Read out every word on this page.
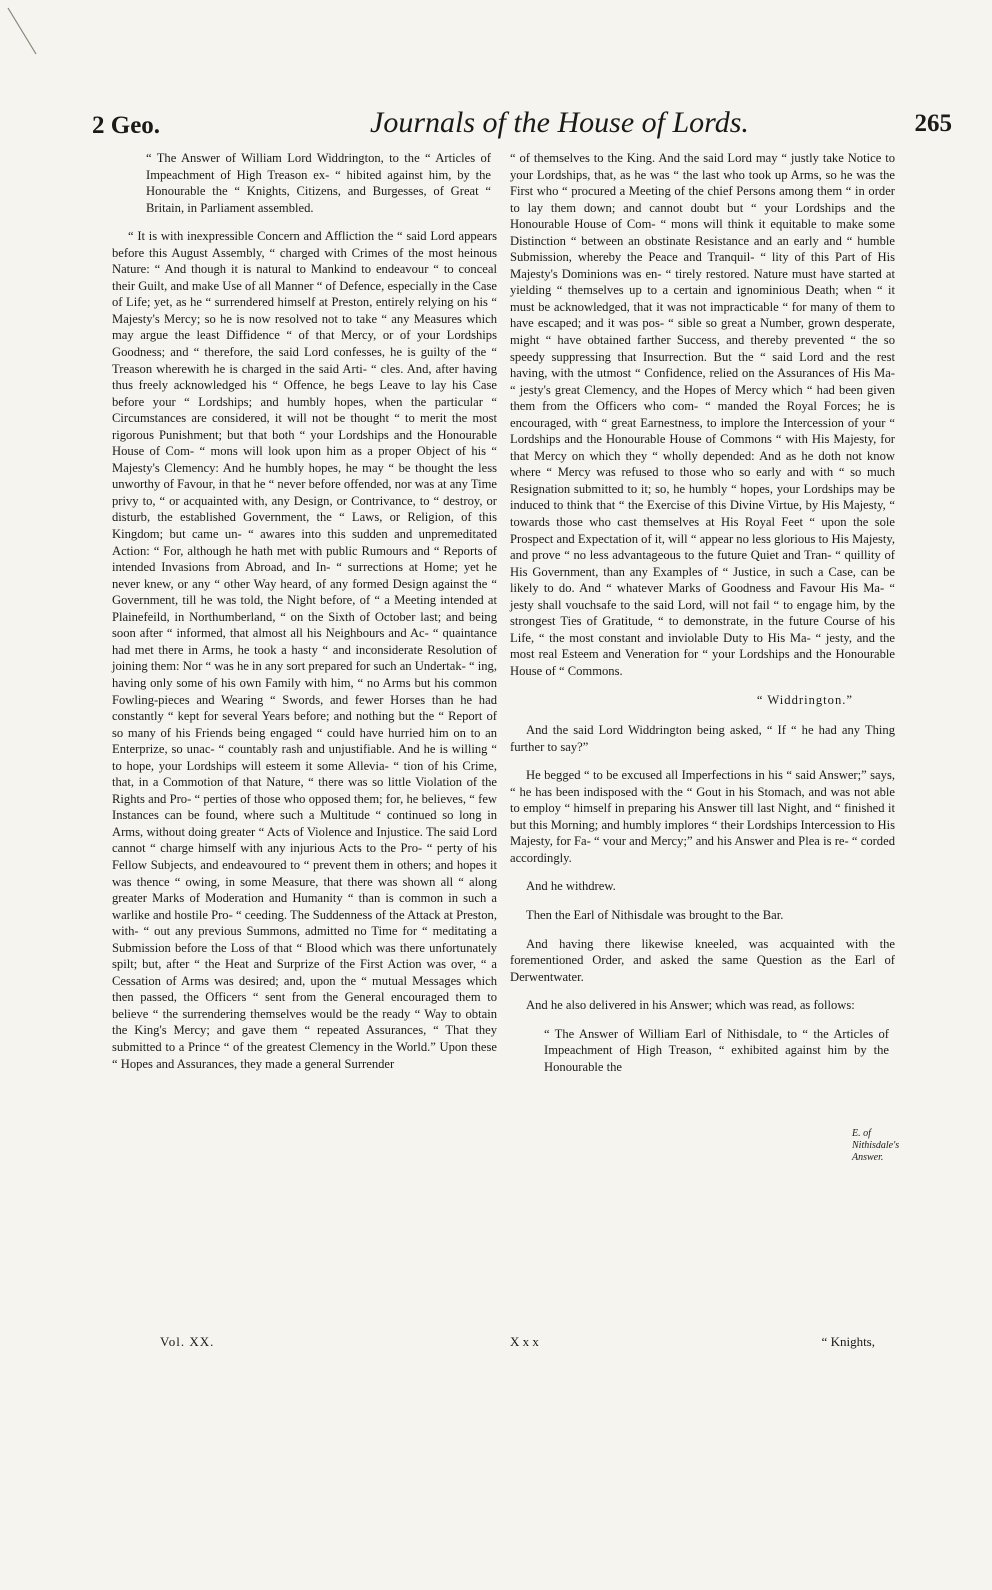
2 Geo.	Journals of the House of Lords.	265
“ The Answer of William Lord Widdrington, to the “ Articles of Impeachment of High Treason ex- “ hibited against him, by the Honourable the “ Knights, Citizens, and Burgesses, of Great “ Britain, in Parliament assembled.
“ It is with inexpressible Concern and Affliction the “ said Lord appears before this August Assembly, “ charged with Crimes of the most heinous Nature: “ And though it is natural to Mankind to endeavour “ to conceal their Guilt, and make Use of all Manner “ of Defence, especially in the Case of Life; yet, as he “ surrendered himself at Preston, entirely relying on his “ Majesty's Mercy; so he is now resolved not to take “ any Measures which may argue the least Diffidence “ of that Mercy, or of your Lordships Goodness; and “ therefore, the said Lord confesses, he is guilty of the “ Treason wherewith he is charged in the said Arti- “ cles. And, after having thus freely acknowledged his “ Offence, he begs Leave to lay his Case before your “ Lordships; and humbly hopes, when the particular “ Circumstances are considered, it will not be thought “ to merit the most rigorous Punishment; but that both “ your Lordships and the Honourable House of Com- “ mons will look upon him as a proper Object of his “ Majesty's Clemency: And he humbly hopes, he may “ be thought the less unworthy of Favour, in that he “ never before offended, nor was at any Time privy to, “ or acquainted with, any Design, or Contrivance, to “ destroy, or disturb, the established Government, the “ Laws, or Religion, of this Kingdom; but came un- “ awares into this sudden and unpremeditated Action: “ For, although he hath met with public Rumours and “ Reports of intended Invasions from Abroad, and In- “ surrections at Home; yet he never knew, or any “ other Way heard, of any formed Design against the “ Government, till he was told, the Night before, of “ a Meeting intended at Plainefeild, in Northumberland, “ on the Sixth of October last; and being soon after “ informed, that almost all his Neighbours and Ac- “ quaintance had met there in Arms, he took a hasty “ and inconsiderate Resolution of joining them: Nor “ was he in any sort prepared for such an Undertak- “ ing, having only some of his own Family with him, “ no Arms but his common Fowling-pieces and Wearing “ Swords, and fewer Horses than he had constantly “ kept for several Years before; and nothing but the “ Report of so many of his Friends being engaged “ could have hurried him on to an Enterprize, so unac- “ countably rash and unjustifiable. And he is willing “ to hope, your Lordships will esteem it some Allevia- “ tion of his Crime, that, in a Commotion of that Nature, “ there was so little Violation of the Rights and Pro- “ perties of those who opposed them; for, he believes, “ few Instances can be found, where such a Multitude “ continued so long in Arms, without doing greater “ Acts of Violence and Injustice. The said Lord cannot “ charge himself with any injurious Acts to the Pro- “ perty of his Fellow Subjects, and endeavoured to “ prevent them in others; and hopes it was thence “ owing, in some Measure, that there was shown all “ along greater Marks of Moderation and Humanity “ than is common in such a warlike and hostile Pro- “ ceeding. The Suddenness of the Attack at Preston, with- “ out any previous Summons, admitted no Time for “ meditating a Submission before the Loss of that “ Blood which was there unfortunately spilt; but, after “ the Heat and Surprize of the First Action was over, “ a Cessation of Arms was desired; and, upon the “ mutual Messages which then passed, the Officers “ sent from the General encouraged them to believe “ the surrendering themselves would be the ready “ Way to obtain the King's Mercy; and gave them “ repeated Assurances, “ That they submitted to a Prince “ of the greatest Clemency in the World.” Upon these “ Hopes and Assurances, they made a general Surrender
“ of themselves to the King. And the said Lord may “ justly take Notice to your Lordships, that, as he was “ the last who took up Arms, so he was the First who “ procured a Meeting of the chief Persons among them “ in order to lay them down; and cannot doubt but “ your Lordships and the Honourable House of Com- “ mons will think it equitable to make some Distinction “ between an obstinate Resistance and an early and “ humble Submission, whereby the Peace and Tranquil- “ lity of this Part of His Majesty's Dominions was en- “ tirely restored. Nature must have started at yielding “ themselves up to a certain and ignominious Death; when “ it must be acknowledged, that it was not impracticable “ for many of them to have escaped; and it was pos- “ sible so great a Number, grown desperate, might “ have obtained farther Success, and thereby prevented “ the so speedy suppressing that Insurrection. But the “ said Lord and the rest having, with the utmost “ Confidence, relied on the Assurances of His Ma- “ jesty's great Clemency, and the Hopes of Mercy which “ had been given them from the Officers who com- “ manded the Royal Forces; he is encouraged, with “ great Earnestness, to implore the Intercession of your “ Lordships and the Honourable House of Commons “ with His Majesty, for that Mercy on which they “ wholly depended: And as he doth not know where “ Mercy was refused to those who so early and with “ so much Resignation submitted to it; so, he humbly “ hopes, your Lordships may be induced to think that “ the Exercise of this Divine Virtue, by His Majesty, “ towards those who cast themselves at His Royal Feet “ upon the sole Prospect and Expectation of it, will “ appear no less glorious to His Majesty, and prove “ no less advantageous to the future Quiet and Tran- “ quillity of His Government, than any Examples of “ Justice, in such a Case, can be likely to do. And “ whatever Marks of Goodness and Favour His Ma- “ jesty shall vouchsafe to the said Lord, will not fail “ to engage him, by the strongest Ties of Gratitude, “ to demonstrate, in the future Course of his Life, “ the most constant and inviolable Duty to His Ma- “ jesty, and the most real Esteem and Veneration for “ your Lordships and the Honourable House of “ Commons.
“ Widdrington.”
And the said Lord Widdrington being asked, “ If “ he had any Thing further to say?”
He begged “ to be excused all Imperfections in his “ said Answer;” says, “ he has been indisposed with the “ Gout in his Stomach, and was not able to employ “ himself in preparing his Answer till last Night, and “ finished it but this Morning; and humbly implores “ their Lordships Intercession to His Majesty, for Fa- “ vour and Mercy;” and his Answer and Plea is re- “ corded accordingly.
And he withdrew.
Then the Earl of Nithisdale was brought to the Bar.
And having there likewise kneeled, was acquainted with the forementioned Order, and asked the same Question as the Earl of Derwentwater.
And he also delivered in his Answer; which was read, as follows:
“ The Answer of William Earl of Nithisdale, to “ the Articles of Impeachment of High Treason, “ exhibited against him by the Honourable the
E. of Nithisdale's Answer.
Vol. XX.	X x x	“ Knights,
